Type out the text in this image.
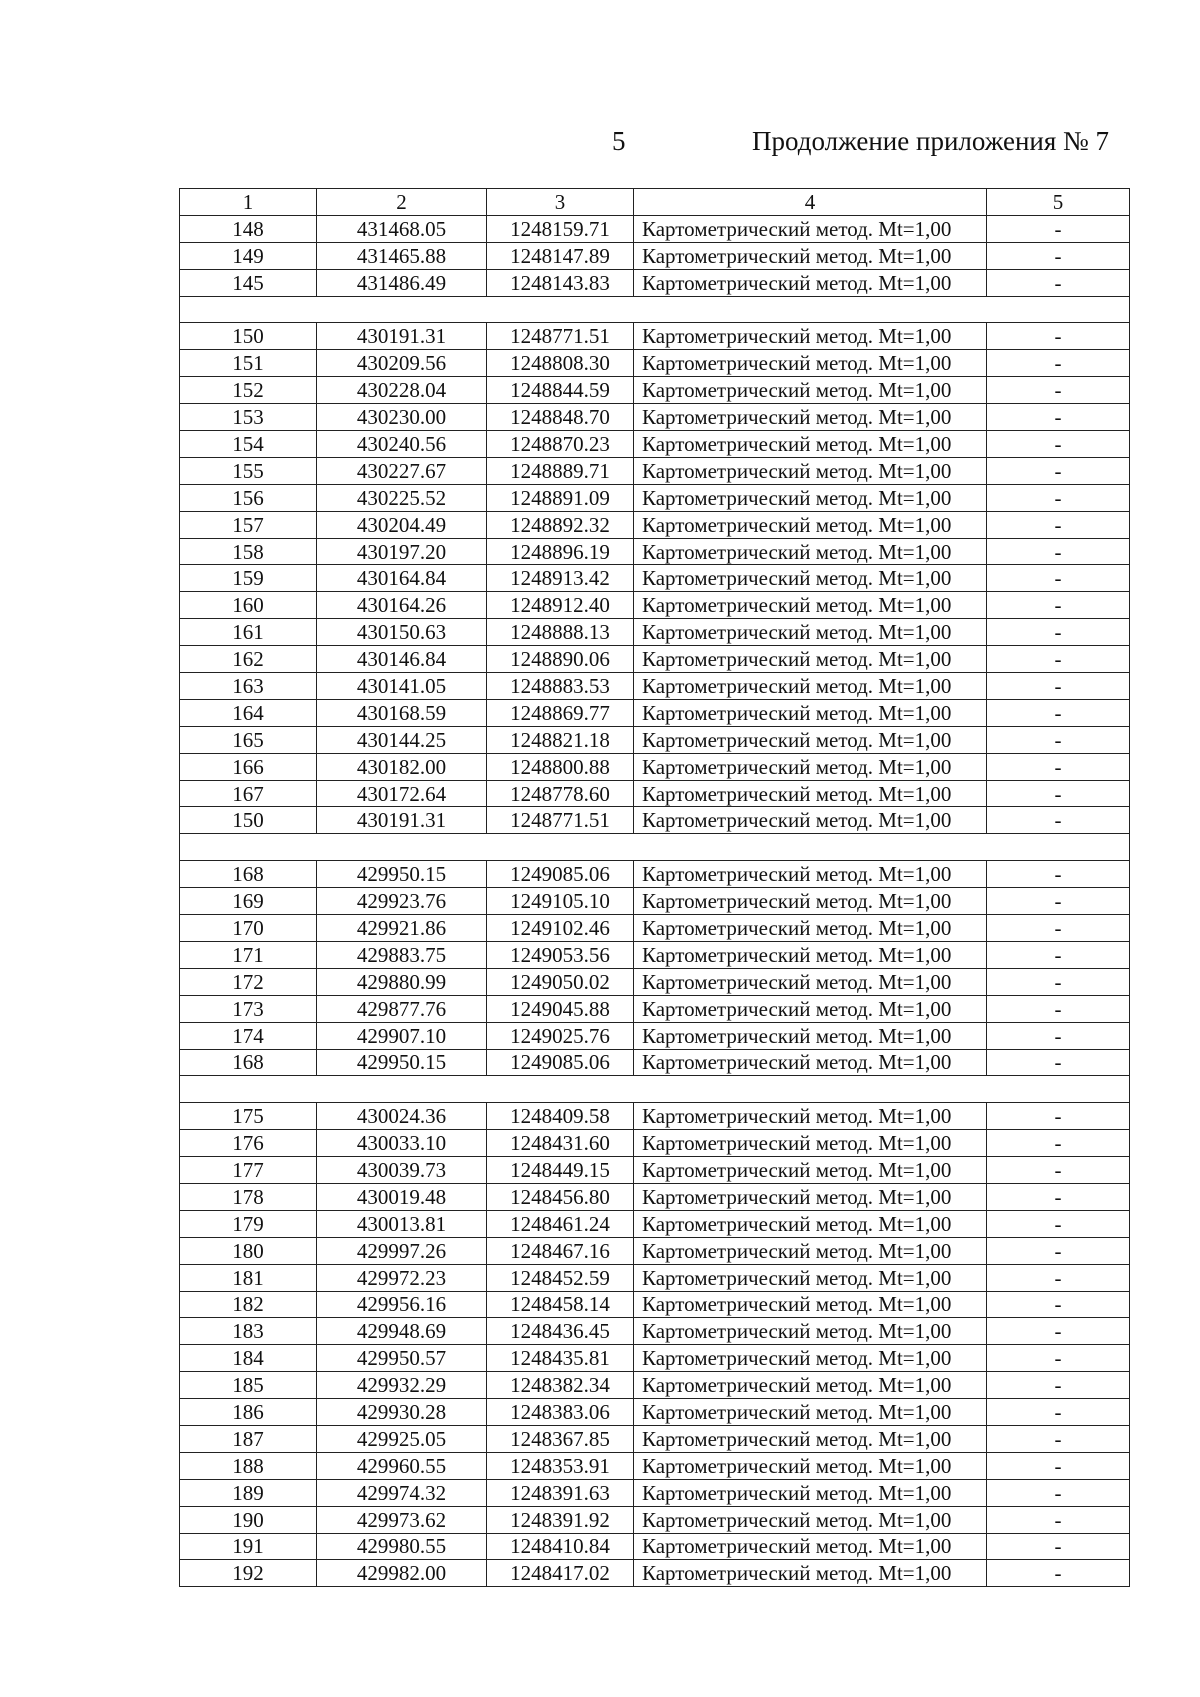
5	Продолжение приложения № 7
1	2	3	4	5
148	431468.05	1248159.71	Картометрический метод. Mt=1,00	-
149	431465.88	1248147.89	Картометрический метод. Mt=1,00	-
145	431486.49	1248143.83	Картометрический метод. Mt=1,00	-

150	430191.31	1248771.51	Картометрический метод. Mt=1,00	-
151	430209.56	1248808.30	Картометрический метод. Mt=1,00	-
152	430228.04	1248844.59	Картометрический метод. Mt=1,00	-
153	430230.00	1248848.70	Картометрический метод. Mt=1,00	-
154	430240.56	1248870.23	Картометрический метод. Mt=1,00	-
155	430227.67	1248889.71	Картометрический метод. Mt=1,00	-
156	430225.52	1248891.09	Картометрический метод. Mt=1,00	-
157	430204.49	1248892.32	Картометрический метод. Mt=1,00	-
158	430197.20	1248896.19	Картометрический метод. Mt=1,00	-
159	430164.84	1248913.42	Картометрический метод. Mt=1,00	-
160	430164.26	1248912.40	Картометрический метод. Mt=1,00	-
161	430150.63	1248888.13	Картометрический метод. Mt=1,00	-
162	430146.84	1248890.06	Картометрический метод. Mt=1,00	-
163	430141.05	1248883.53	Картометрический метод. Mt=1,00	-
164	430168.59	1248869.77	Картометрический метод. Mt=1,00	-
165	430144.25	1248821.18	Картометрический метод. Mt=1,00	-
166	430182.00	1248800.88	Картометрический метод. Mt=1,00	-
167	430172.64	1248778.60	Картометрический метод. Mt=1,00	-
150	430191.31	1248771.51	Картометрический метод. Mt=1,00	-

168	429950.15	1249085.06	Картометрический метод. Mt=1,00	-
169	429923.76	1249105.10	Картометрический метод. Mt=1,00	-
170	429921.86	1249102.46	Картометрический метод. Mt=1,00	-
171	429883.75	1249053.56	Картометрический метод. Mt=1,00	-
172	429880.99	1249050.02	Картометрический метод. Mt=1,00	-
173	429877.76	1249045.88	Картометрический метод. Mt=1,00	-
174	429907.10	1249025.76	Картометрический метод. Mt=1,00	-
168	429950.15	1249085.06	Картометрический метод. Mt=1,00	-

175	430024.36	1248409.58	Картометрический метод. Mt=1,00	-
176	430033.10	1248431.60	Картометрический метод. Mt=1,00	-
177	430039.73	1248449.15	Картометрический метод. Mt=1,00	-
178	430019.48	1248456.80	Картометрический метод. Mt=1,00	-
179	430013.81	1248461.24	Картометрический метод. Mt=1,00	-
180	429997.26	1248467.16	Картометрический метод. Mt=1,00	-
181	429972.23	1248452.59	Картометрический метод. Mt=1,00	-
182	429956.16	1248458.14	Картометрический метод. Mt=1,00	-
183	429948.69	1248436.45	Картометрический метод. Mt=1,00	-
184	429950.57	1248435.81	Картометрический метод. Mt=1,00	-
185	429932.29	1248382.34	Картометрический метод. Mt=1,00	-
186	429930.28	1248383.06	Картометрический метод. Mt=1,00	-
187	429925.05	1248367.85	Картометрический метод. Mt=1,00	-
188	429960.55	1248353.91	Картометрический метод. Mt=1,00	-
189	429974.32	1248391.63	Картометрический метод. Mt=1,00	-
190	429973.62	1248391.92	Картометрический метод. Mt=1,00	-
191	429980.55	1248410.84	Картометрический метод. Mt=1,00	-
192	429982.00	1248417.02	Картометрический метод. Mt=1,00	-
